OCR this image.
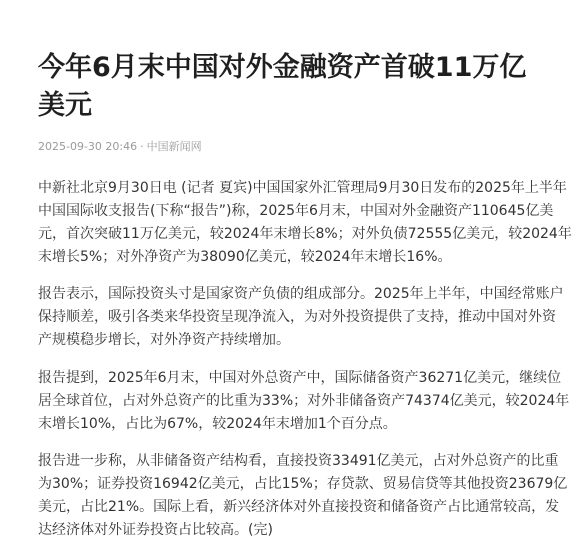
今年6月末中国对外金融资产首破11万亿
美元
2025-09-30 20:46 · 中国新闻网

中新社北京9月30日电 (记者 夏宾)中国国家外汇管理局9月30日发布的2025年上半年
中国国际收支报告(下称“报告”)称，2025年6月末，中国对外金融资产110645亿美
元，首次突破11万亿美元，较2024年末增长8%；对外负债72555亿美元，较2024年
末增长5%；对外净资产为38090亿美元，较2024年末增长16%。

报告表示，国际投资头寸是国家资产负债的组成部分。2025年上半年，中国经常账户
保持顺差，吸引各类来华投资呈现净流入，为对外投资提供了支持，推动中国对外资
产规模稳步增长，对外净资产持续增加。

报告提到，2025年6月末，中国对外总资产中，国际储备资产36271亿美元，继续位
居全球首位，占对外总资产的比重为33%；对外非储备资产74374亿美元，较2024年
末增长10%，占比为67%，较2024年末增加1个百分点。

报告进一步称，从非储备资产结构看，直接投资33491亿美元，占对外总资产的比重
为30%；证券投资16942亿美元，占比15%；存贷款、贸易信贷等其他投资23679亿
美元，占比21%。国际上看，新兴经济体对外直接投资和储备资产占比通常较高，发
达经济体对外证券投资占比较高。(完)
